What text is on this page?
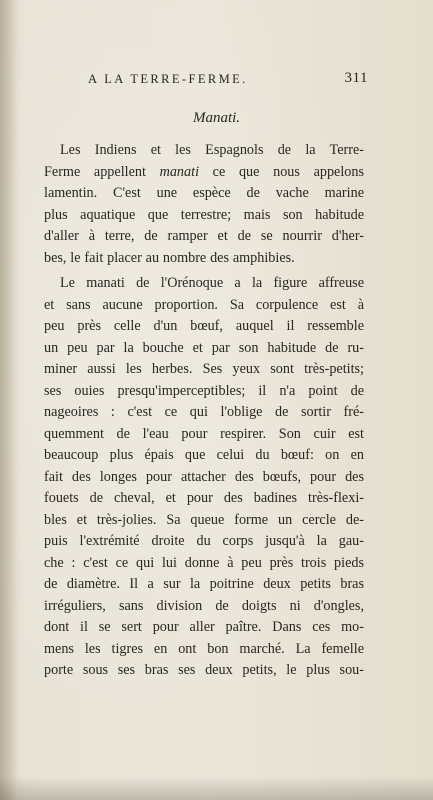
A LA TERRE-FERME.	311
Manati.
Les Indiens et les Espagnols de la Terre-
Ferme appellent manati ce que nous appelons
lamentin. C'est une espèce de vache marine
plus aquatique que terrestre; mais son habitude
d'aller à terre, de ramper et de se nourrir d'her-
bes, le fait placer au nombre des amphibies.
Le manati de l'Orénoque a la figure affreuse
et sans aucune proportion. Sa corpulence est à
peu près celle d'un bœuf, auquel il ressemble
un peu par la bouche et par son habitude de ru-
miner aussi les herbes. Ses yeux sont très-petits;
ses ouies presqu'imperceptibles; il n'a point de
nageoires : c'est ce qui l'oblige de sortir fré-
quemment de l'eau pour respirer. Son cuir est
beaucoup plus épais que celui du bœuf: on en
fait des longes pour attacher des bœufs, pour des
fouets de cheval, et pour des badines très-flexi-
bles et très-jolies. Sa queue forme un cercle de-
puis l'extrémité droite du corps jusqu'à la gau-
che : c'est ce qui lui donne à peu près trois pieds
de diamètre. Il a sur la poitrine deux petits bras
irréguliers, sans division de doigts ni d'ongles,
dont il se sert pour aller paître. Dans ces mo-
mens les tigres en ont bon marché. La femelle
porte sous ses bras ses deux petits, le plus sou-
